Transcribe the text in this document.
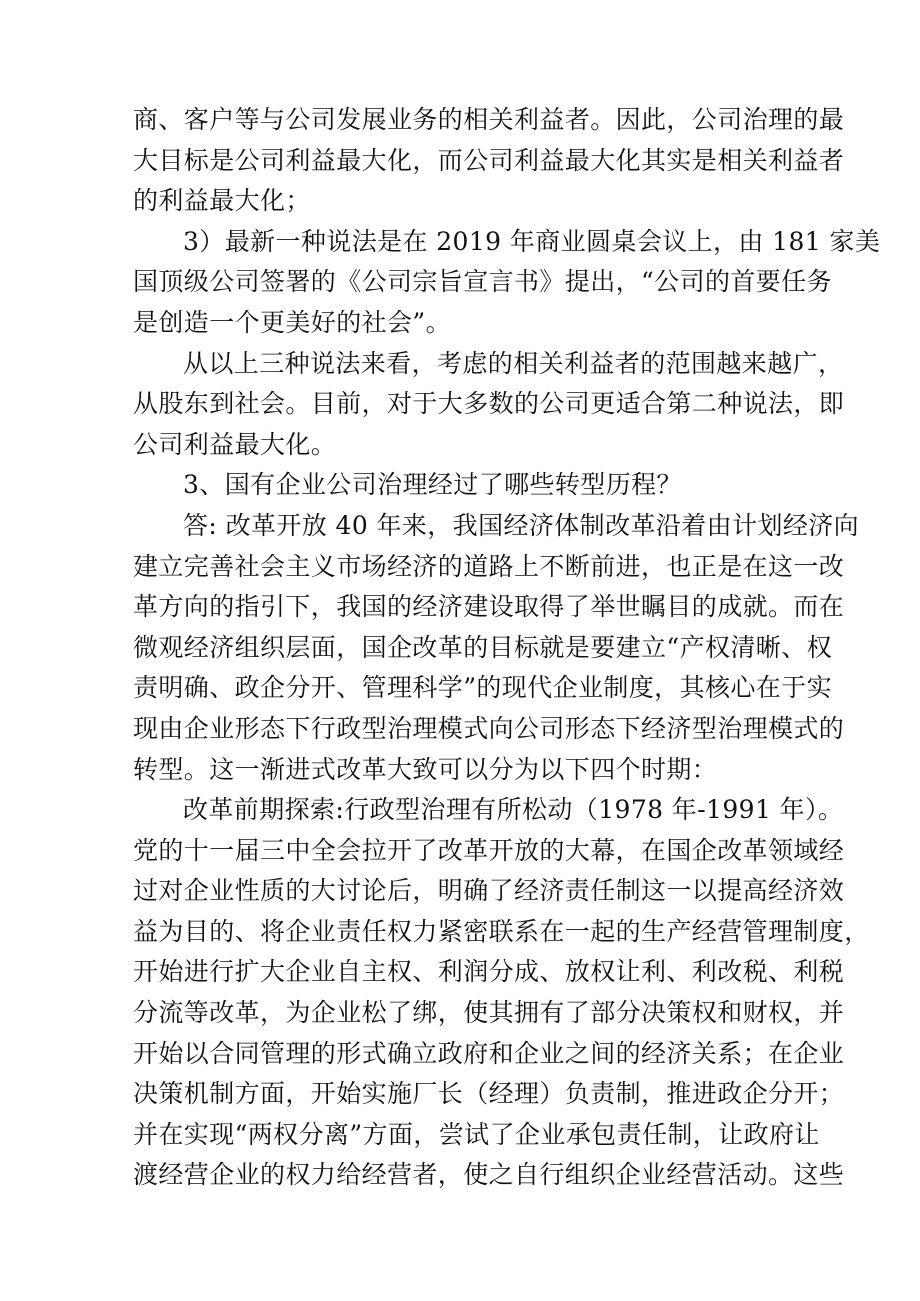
商、客户等与公司发展业务的相关利益者。因此，公司治理的最
大目标是公司利益最大化，而公司利益最大化其实是相关利益者
的利益最大化；

3）最新一种说法是在 2019 年商业圆桌会议上，由 181 家美
国顶级公司签署的《公司宗旨宣言书》提出，“公司的首要任务
是创造一个更美好的社会”。

从以上三种说法来看，考虑的相关利益者的范围越来越广，
从股东到社会。目前，对于大多数的公司更适合第二种说法，即
公司利益最大化。

3、国有企业公司治理经过了哪些转型历程？

答: 改革开放 40 年来，我国经济体制改革沿着由计划经济向
建立完善社会主义市场经济的道路上不断前进，也正是在这一改
革方向的指引下，我国的经济建设取得了举世瞩目的成就。而在
微观经济组织层面，国企改革的目标就是要建立“产权清晰、权
责明确、政企分开、管理科学”的现代企业制度，其核心在于实
现由企业形态下行政型治理模式向公司形态下经济型治理模式的
转型。这一渐进式改革大致可以分为以下四个时期：

改革前期探索:行政型治理有所松动（1978 年-1991 年）。
党的十一届三中全会拉开了改革开放的大幕，在国企改革领域经
过对企业性质的大讨论后，明确了经济责任制这一以提高经济效
益为目的、将企业责任权力紧密联系在一起的生产经营管理制度，
开始进行扩大企业自主权、利润分成、放权让利、利改税、利税
分流等改革，为企业松了绑，使其拥有了部分决策权和财权，并
开始以合同管理的形式确立政府和企业之间的经济关系；在企业
决策机制方面，开始实施厂长（经理）负责制，推进政企分开；
并在实现“两权分离”方面，尝试了企业承包责任制，让政府让
渡经营企业的权力给经营者，使之自行组织企业经营活动。这些
